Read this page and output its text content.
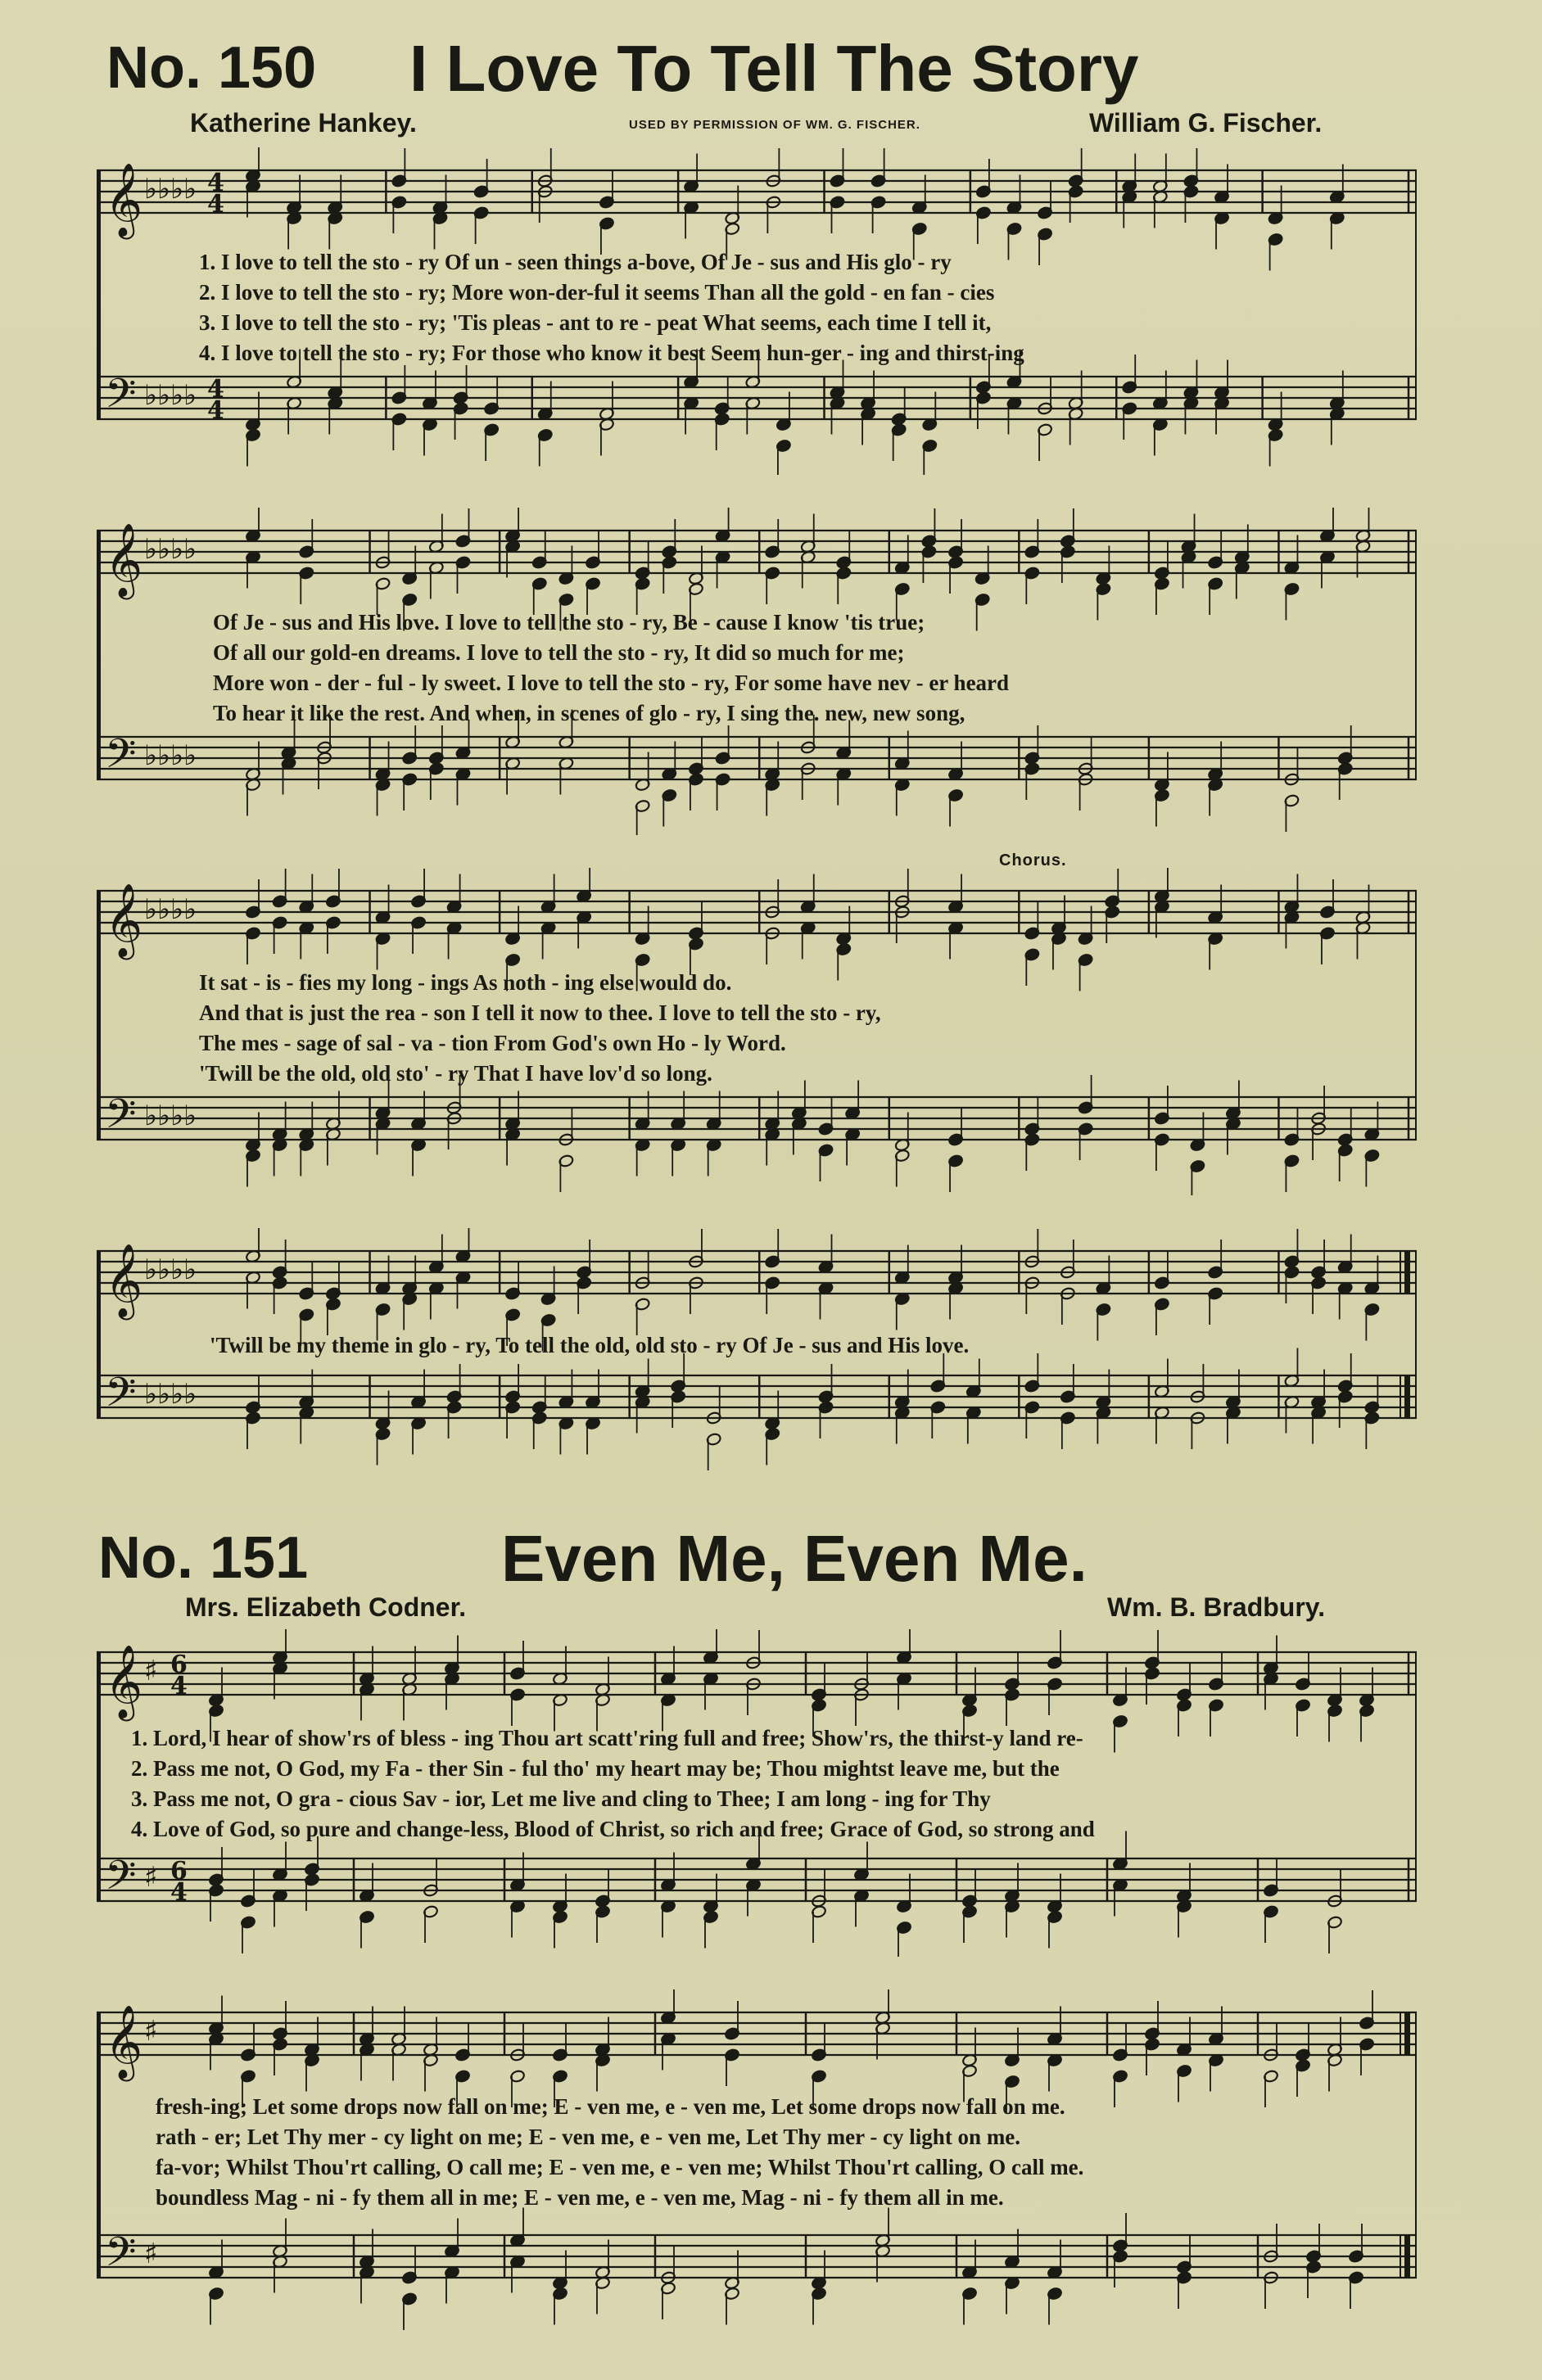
No. 150 I Love To Tell The Story
Katherine Hankey.	USED BY PERMISSION OF WM. G. FISCHER.	William G. Fischer.
𝄞 ♭♭♭♭ 4
4
𝄢 ♭♭♭♭ 4
4
1. I love to tell the sto - ry Of un - seen things a-bove, Of Je - sus and His glo - ry
2. I love to tell the sto - ry; More won-der-ful it seems Than all the gold - en fan - cies
3. I love to tell the sto - ry; 'Tis pleas - ant to re - peat What seems, each time I tell it,
4. I love to tell the sto - ry; For those who know it best Seem hun-ger - ing and thirst-ing
𝄞 ♭♭♭♭
𝄢 ♭♭♭♭
Of Je - sus and His love. I love to tell the sto - ry, Be - cause I know 'tis true;
Of all our gold-en dreams. I love to tell the sto - ry, It did so much for me;
More won - der - ful - ly sweet. I love to tell the sto - ry, For some have nev - er heard
To hear it like the rest. And when, in scenes of glo - ry, I sing the. new, new song,
Chorus.
𝄞 ♭♭♭♭
𝄢 ♭♭♭♭
It sat - is - fies my long - ings As noth - ing else would do.
And that is just the rea - son I tell it now to thee. I love to tell the sto - ry,
The mes - sage of sal - va - tion From God's own Ho - ly Word.
'Twill be the old, old sto' - ry That I have lov'd so long.
𝄞 ♭♭♭♭
𝄢 ♭♭♭♭
'Twill be my theme in glo - ry, To tell the old, old sto - ry Of Je - sus and His love.
No. 151	Even Me, Even Me.
Mrs. Elizabeth Codner.	Wm. B. Bradbury.
𝄞 ♯ 6
4
𝄢 ♯ 6
4
1. Lord, I hear of show'rs of bless - ing Thou art scatt'ring full and free; Show'rs, the thirst-y land re-
2. Pass me not, O God, my Fa - ther Sin - ful tho' my heart may be; Thou mightst leave me, but the
3. Pass me not, O gra - cious Sav - ior, Let me live and cling to Thee; I am long - ing for Thy
4. Love of God, so pure and change-less, Blood of Christ, so rich and free; Grace of God, so strong and
𝄞 ♯
𝄢 ♯
fresh-ing; Let some drops now fall on me; E - ven me, e - ven me, Let some drops now fall on me.
rath - er; Let Thy mer - cy light on me; E - ven me, e - ven me, Let Thy mer - cy light on me.
fa-vor; Whilst Thou'rt calling, O call me; E - ven me, e - ven me; Whilst Thou'rt calling, O call me.
boundless Mag - ni - fy them all in me; E - ven me, e - ven me, Mag - ni - fy them all in me.
